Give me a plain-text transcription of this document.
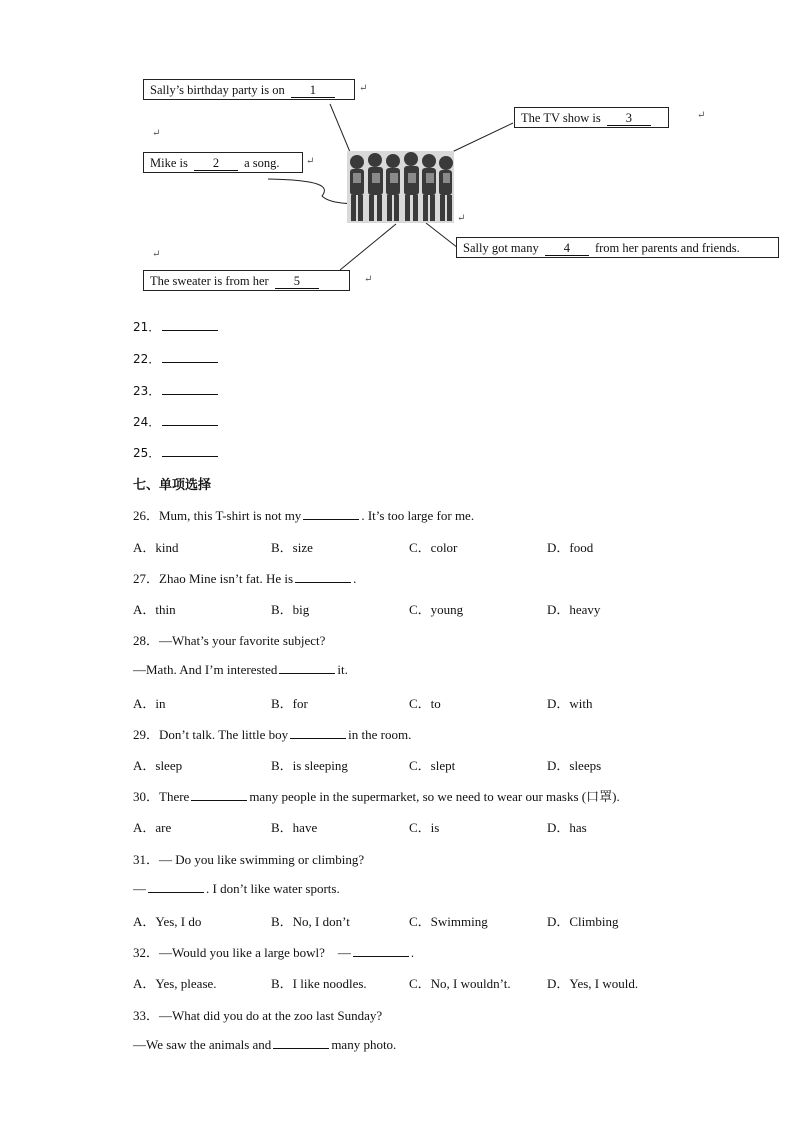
↵
Sally’s birthday party is on 1	↵
↵
Mike is 2 a song.	↵
The TV show is 3	↵
Sally got many 4 from her parents and friends.
↵
The sweater is from her 5	↵
21．
22．
23．
24．
25．
七、单项选择
26．Mum, this T-shirt is not my	. It’s too large for me.
A．kind	B．size	C．color	D．food
27．Zhao Mine isn’t fat. He is	.
A．thin	B．big	C．young	D．heavy
28．—What’s your favorite subject?
—Math. And I’m interested	it.
A．in	B．for	C．to	D．with
29．Don’t talk. The little boy	in the room.
A．sleep	B．is sleeping	C．slept	D．sleeps
30．There	many people in the supermarket, so we need to wear our masks (口罩).
A．are	B．have	C．is	D．has
31．— Do you like swimming or climbing?
—	. I don’t like water sports.
A．Yes, I do	B．No, I don’t	C．Swimming	D．Climbing
32．—Would you like a large bowl?　—	.
A．Yes, please.	B．I like noodles.	C．No, I wouldn’t.	D．Yes, I would.
33．—What did you do at the zoo last Sunday?
—We saw the animals and	many photo.
